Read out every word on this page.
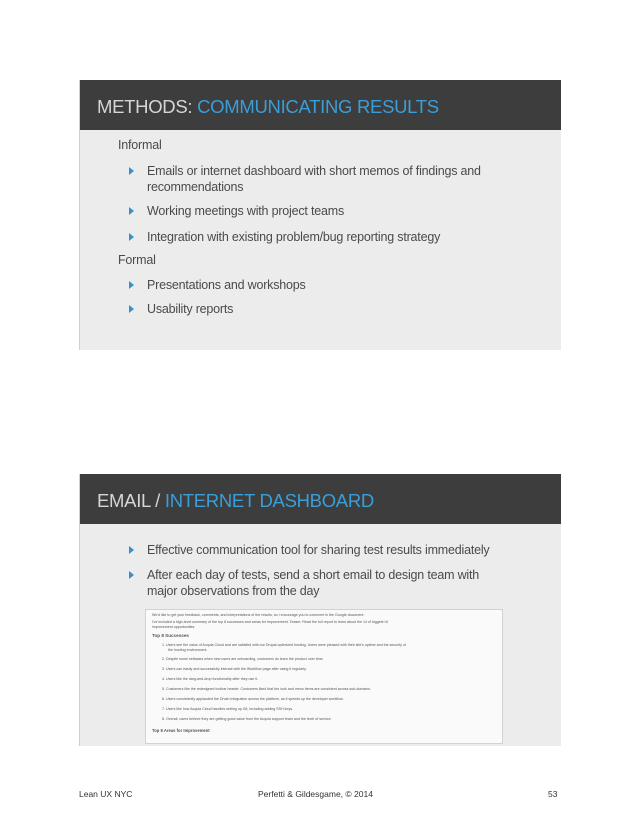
METHODS: COMMUNICATING RESULTS
Informal
Emails or internet dashboard with short memos of findings and recommendations
Working meetings with project teams
Integration with existing problem/bug reporting strategy
Formal
Presentations and workshops
Usability reports
EMAIL / INTERNET DASHBOARD
Effective communication tool for sharing test results immediately
After each day of tests, send a short email to design team with major observations from the day
We'd like to get your feedback, comments, and interpretations of the results, so I encourage you to comment in the Google document.
I've included a high-level summary of the top 8 successes and areas for improvement. Teaser: Read the full report to learn about the 14 of biggest UI
improvement opportunities.
Top 8 Successes
1. Users see the value of Acquia Cloud and are satisfied with our Drupal-optimized hosting. Users were pleased with their site's uptime and the security of
the hosting environment.
2. Despite some setbacks when new users are onboarding, customers do learn the product over time.
3. Users can easily and successfully interact with the Workflow page after using it regularly.
4. Users like the darg-and-drop functionality after they use it.
5. Customers like the redesigned toolbar header. Customers liked that the look and menu items are consistent across sub-domains.
6. Users consistently applauded the Drush integration across the platform, as it speeds up the developer workflow.
7. Users like how Acquia Cloud handles setting up Git, including adding SSH keys.
8. Overall, users believe they are getting good value from the Acquia support team and the level of service.
Top 8 Areas for Improvement
Lean UX NYC	Perfetti & Gildesgame, © 2014	53
